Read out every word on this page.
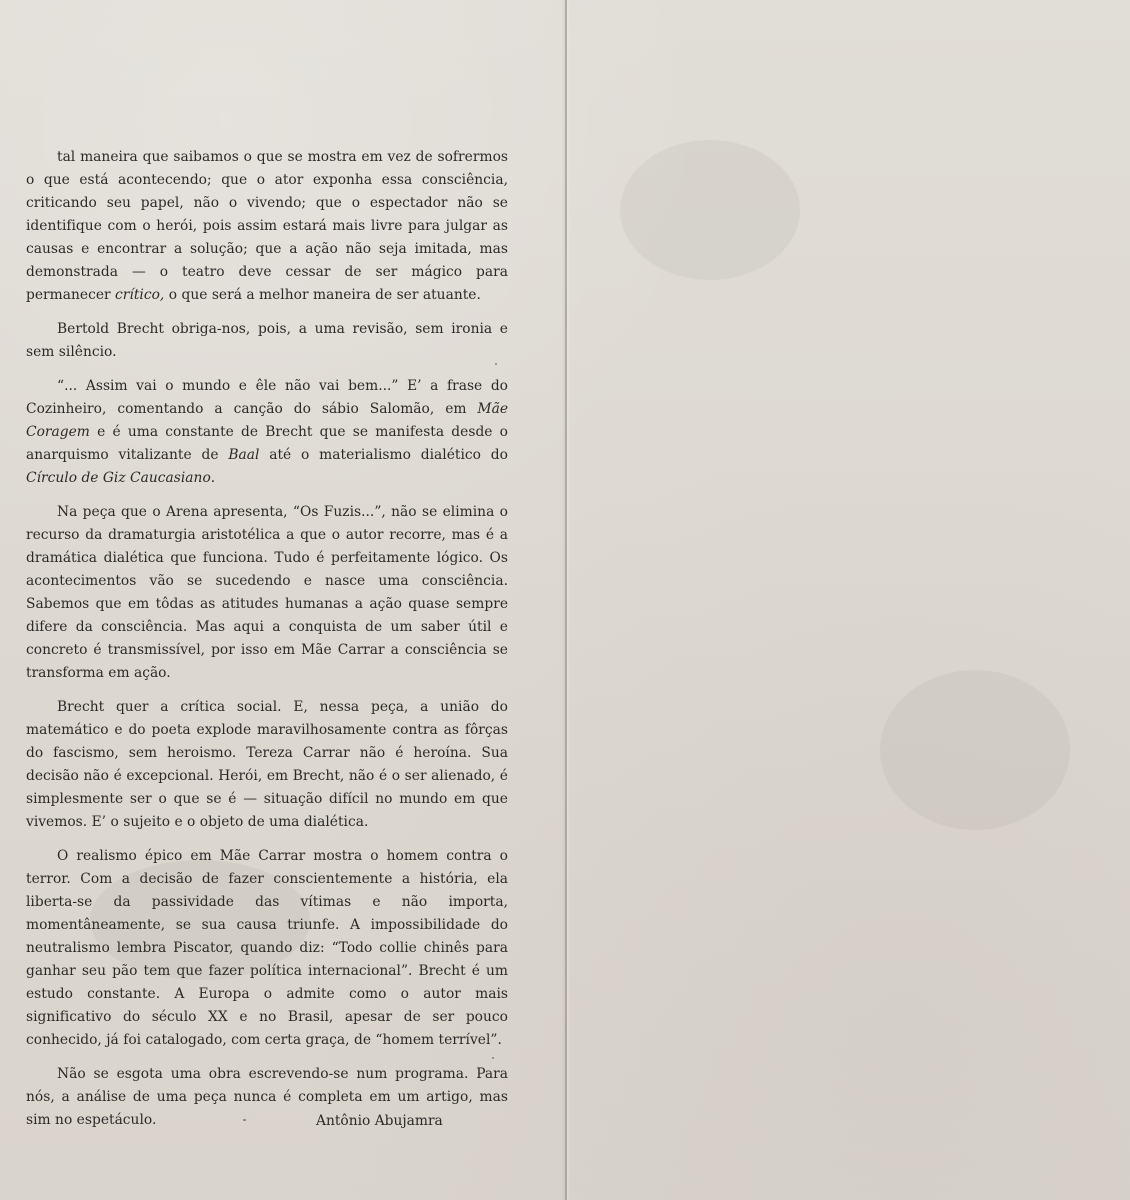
tal maneira que saibamos o que se mostra em vez de sofrermos o que está acontecendo; que o ator exponha essa consciência, criticando seu papel, não o vivendo; que o espectador não se identifique com o herói, pois assim estará mais livre para julgar as causas e encontrar a solução; que a ação não seja imitada, mas demonstrada — o teatro deve cessar de ser mágico para permanecer crítico, o que será a melhor maneira de ser atuante.

Bertold Brecht obriga-nos, pois, a uma revisão, sem ironia e sem silêncio.

“... Assim vai o mundo e êle não vai bem...” E’ a frase do Cozinheiro, comentando a canção do sábio Salomão, em Mãe Coragem e é uma constante de Brecht que se manifesta desde o anarquismo vitalizante de Baal até o materialismo dialético do Círculo de Giz Caucasiano.

Na peça que o Arena apresenta, “Os Fuzis...”, não se elimina o recurso da dramaturgia aristotélica a que o autor recorre, mas é a dramática dialética que funciona. Tudo é perfeitamente lógico. Os acontecimentos vão se sucedendo e nasce uma consciência. Sabemos que em tôdas as atitudes humanas a ação quase sempre difere da consciência. Mas aqui a conquista de um saber útil e concreto é transmissível, por isso em Mãe Carrar a consciência se transforma em ação.

Brecht quer a crítica social. E, nessa peça, a união do matemático e do poeta explode maravilhosamente contra as fôrças do fascismo, sem heroismo. Tereza Carrar não é heroína. Sua decisão não é excepcional. Herói, em Brecht, não é o ser alienado, é simplesmente ser o que se é — situação difícil no mundo em que vivemos. E’ o sujeito e o objeto de uma dialética.

O realismo épico em Mãe Carrar mostra o homem contra o terror. Com a decisão de fazer conscientemente a história, ela liberta-se da passividade das vítimas e não importa, momentâneamente, se sua causa triunfe. A impossibilidade do neutralismo lembra Piscator, quando diz: “Todo collie chinês para ganhar seu pão tem que fazer política internacional”. Brecht é um estudo constante. A Europa o admite como o autor mais significativo do século XX e no Brasil, apesar de ser pouco conhecido, já foi catalogado, com certa graça, de “homem terrível”.

Não se esgota uma obra escrevendo-se num programa. Para nós, a análise de uma peça nunca é completa em um artigo, mas sim no espetáculo.	Antônio Abujamra
